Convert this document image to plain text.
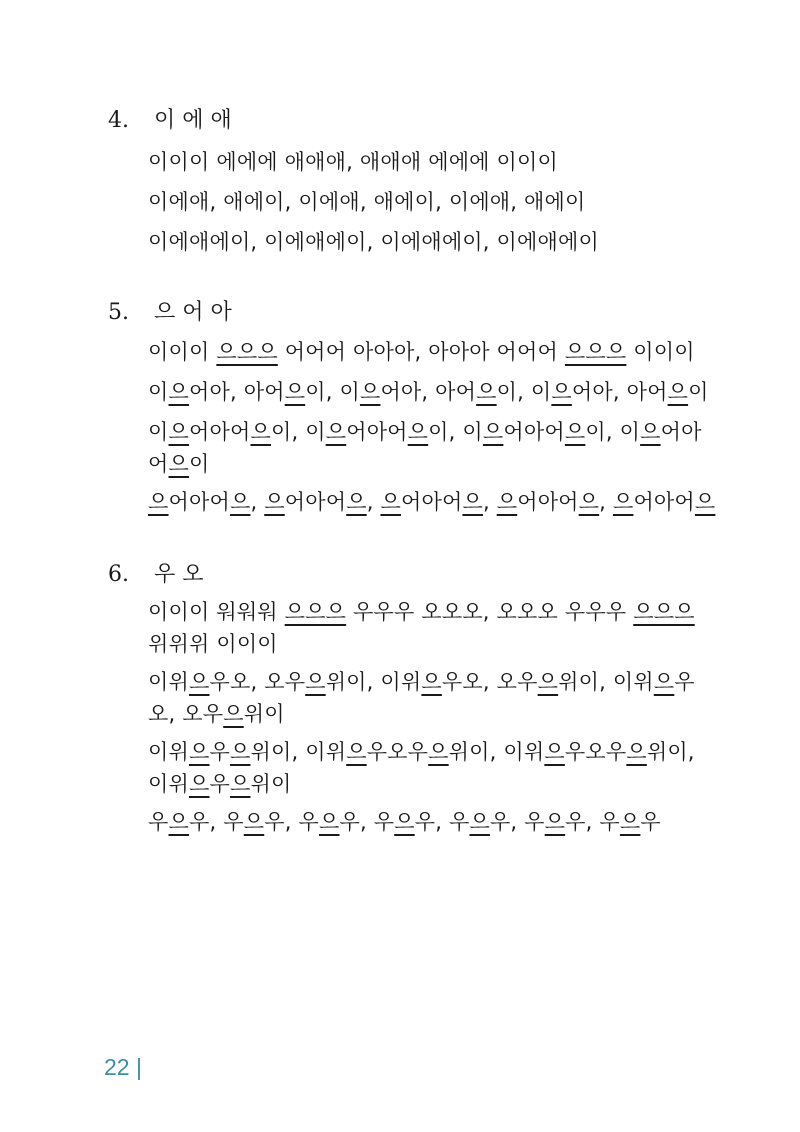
4.	이 에 애
이이이 에에에 애애애, 애애애 에에에 이이이
이에애, 애에이, 이에애, 애에이, 이에애, 애에이
이에애에이, 이에애에이, 이에애에이, 이에애에이
5.	으 어 아
이이이 으으으 어어어 아아아, 아아아 어어어 으으으 이이이
이으어아, 아어으이, 이으어아, 아어으이, 이으어아, 아어으이
이으어아어으이, 이으어아어으이, 이으어아어으이, 이으어아
어으이
으어아어으, 으어아어으, 으어아어으, 으어아어으, 으어아어으
6.	우 오
이이이 워워워 으으으 우우우 오오오, 오오오 우우우 으으으
위위위 이이이
이위으우오, 오우으위이, 이위으우오, 오우으위이, 이위으우
오, 오우으위이
이위으우으위이, 이위으우오우으위이, 이위으우오우으위이,
이위으우으위이
우으우, 우으우, 우으우, 우으우, 우으우, 우으우, 우으우
22 |
